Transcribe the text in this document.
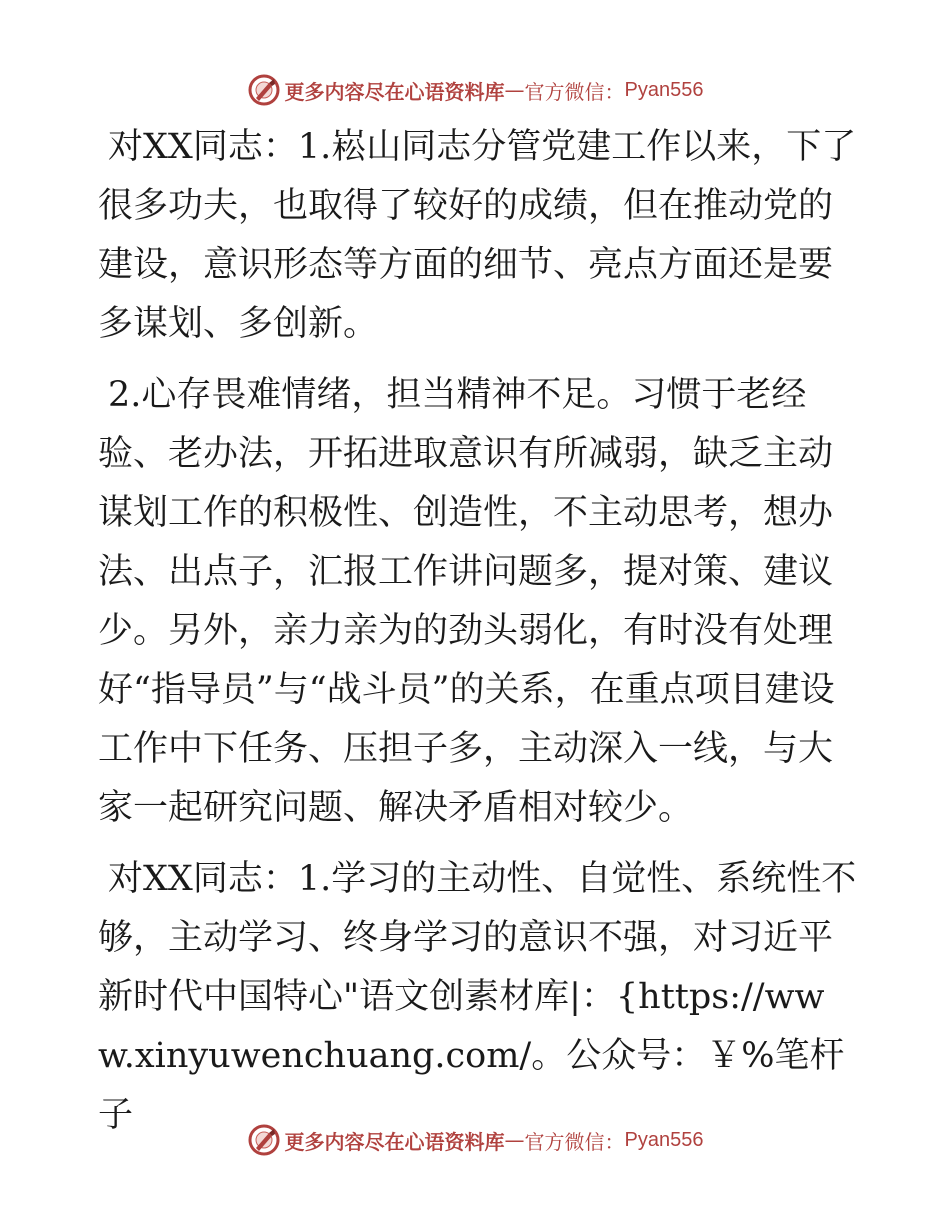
更多内容尽在心语资料库 — 官方微信： Pyan556

对XX同志：1.崧山同志分管党建工作以来，下了很多功夫，也取得了较好的成绩，但在推动党的建设，意识形态等方面的细节、亮点方面还是要多谋划、多创新。

2.心存畏难情绪，担当精神不足。习惯于老经验、老办法，开拓进取意识有所减弱，缺乏主动谋划工作的积极性、创造性，不主动思考，想办法、出点子，汇报工作讲问题多，提对策、建议少。另外，亲力亲为的劲头弱化，有时没有处理好“指导员”与“战斗员”的关系，在重点项目建设工作中下任务、压担子多，主动深入一线，与大家一起研究问题、解决矛盾相对较少。

对XX同志：1.学习的主动性、自觉性、系统性不够，主动学习、终身学习的意识不强，对习近平新时代中国特心"语文创素材库|：{https://www.xinyuwenchuang.com/。公众号：￥%笔杆子

更多内容尽在心语资料库 — 官方微信： Pyan556
